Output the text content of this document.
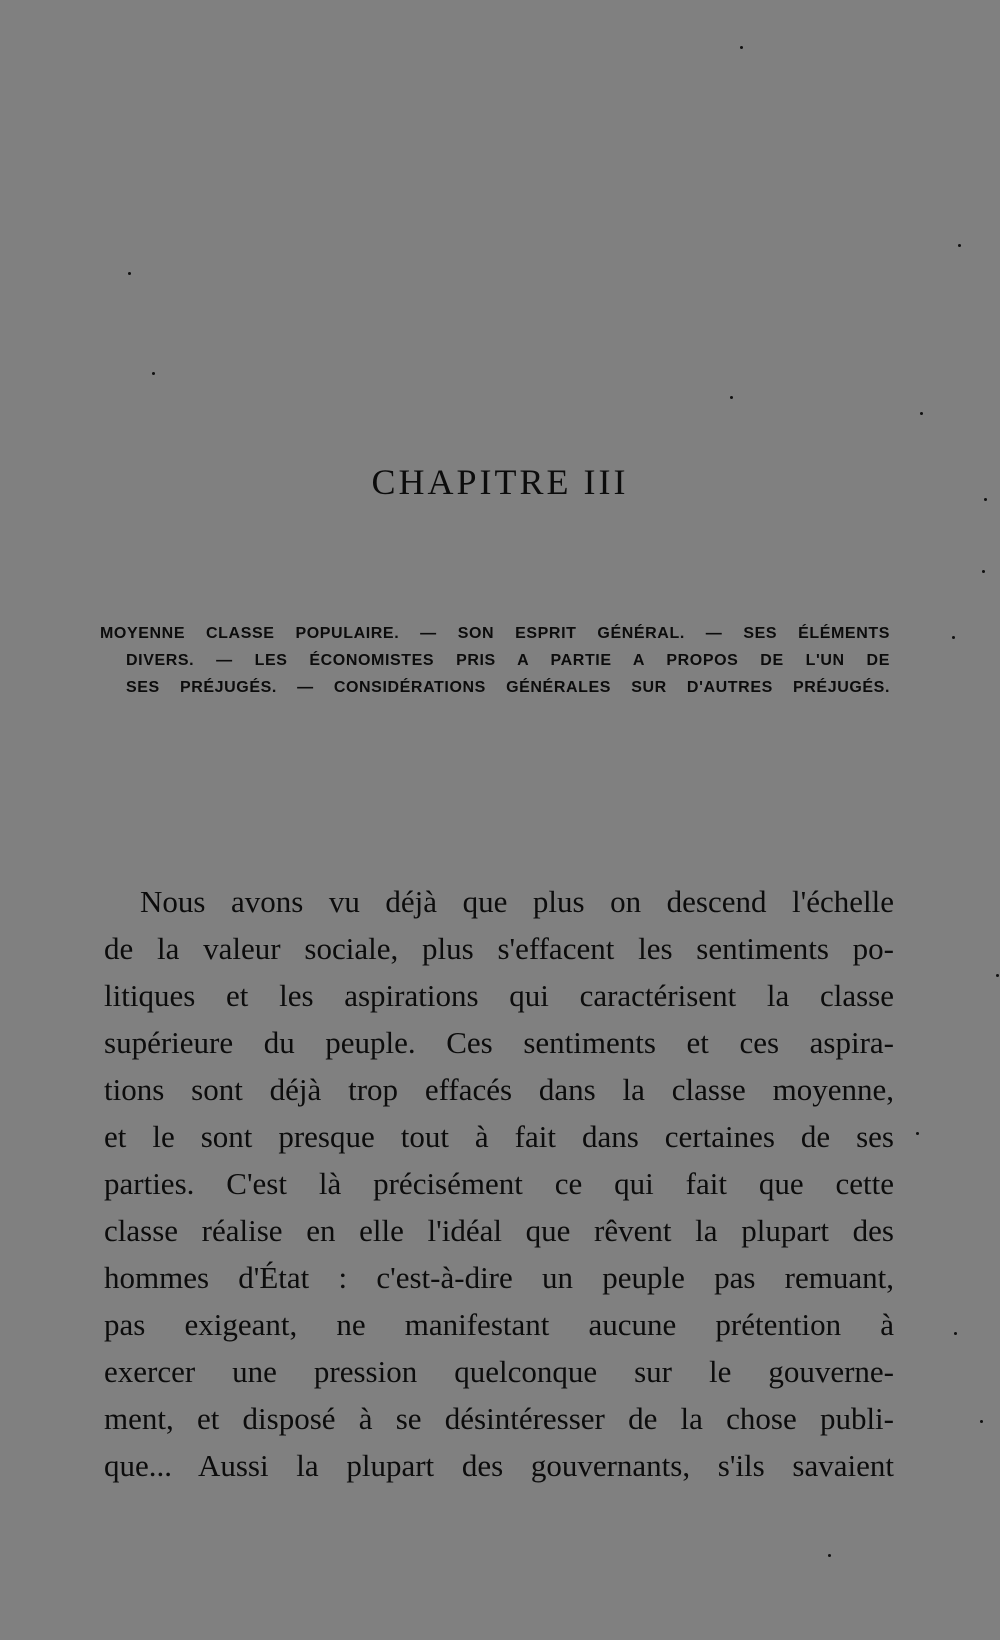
CHAPITRE III
MOYENNE CLASSE POPULAIRE. — SON ESPRIT GÉNÉRAL. — SES ÉLÉMENTS
DIVERS. — LES ÉCONOMISTES PRIS A PARTIE A PROPOS DE L'UN DE
SES PRÉJUGÉS. — CONSIDÉRATIONS GÉNÉRALES SUR D'AUTRES PRÉJUGÉS.
Nous avons vu déjà que plus on descend l'échelle
de la valeur sociale, plus s'effacent les sentiments po-
litiques et les aspirations qui caractérisent la classe
supérieure du peuple. Ces sentiments et ces aspira-
tions sont déjà trop effacés dans la classe moyenne,
et le sont presque tout à fait dans certaines de ses
parties. C'est là précisément ce qui fait que cette
classe réalise en elle l'idéal que rêvent la plupart des
hommes d'État : c'est-à-dire un peuple pas remuant,
pas exigeant, ne manifestant aucune prétention à
exercer une pression quelconque sur le gouverne-
ment, et disposé à se désintéresser de la chose publi-
que... Aussi la plupart des gouvernants, s'ils savaient
